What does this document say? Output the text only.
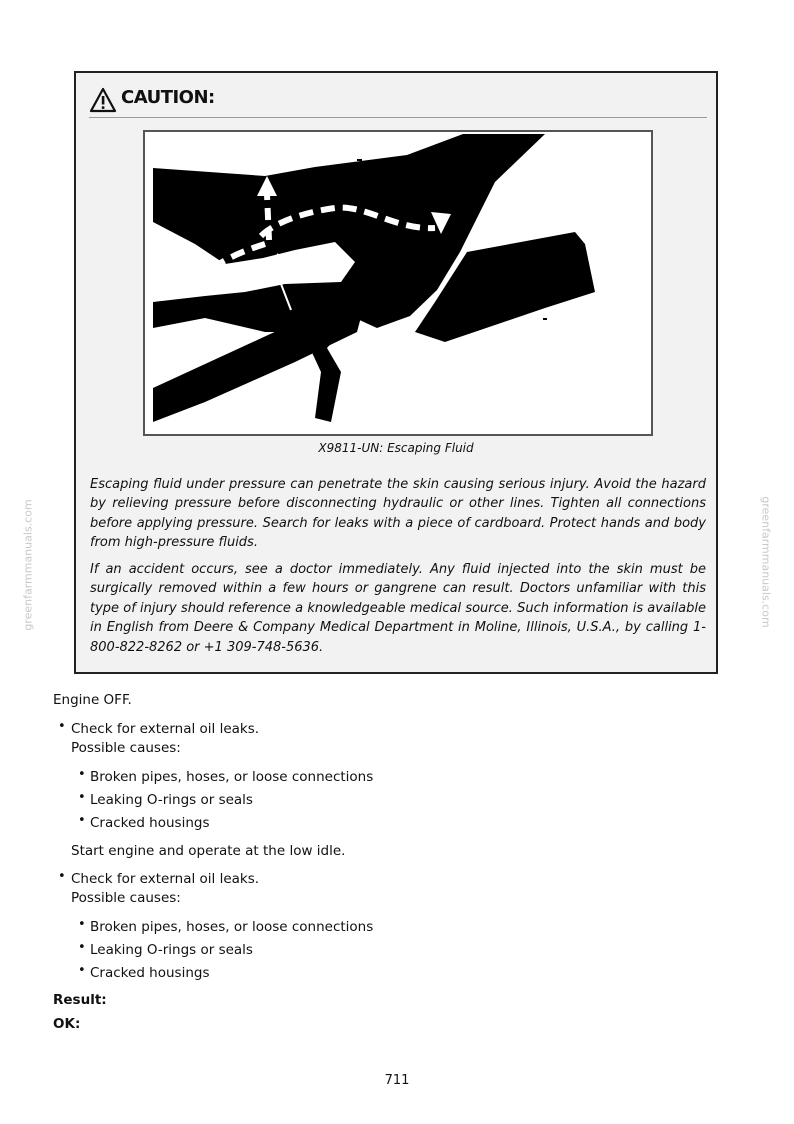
CAUTION:
X9811-UN: Escaping Fluid

Escaping fluid under pressure can penetrate the skin causing serious injury. Avoid the hazard by relieving pressure before disconnecting hydraulic or other lines. Tighten all connections before applying pressure. Search for leaks with a piece of cardboard. Protect hands and body from high-pressure fluids.

If an accident occurs, see a doctor immediately. Any fluid injected into the skin must be surgically removed within a few hours or gangrene can result. Doctors unfamiliar with this type of injury should reference a knowledgeable medical source. Such information is available in English from Deere & Company Medical Department in Moline, Illinois, U.S.A., by calling 1-800-822-8262 or +1 309-748-5636.

Engine OFF.
• Check for external oil leaks.
Possible causes:
• Broken pipes, hoses, or loose connections
• Leaking O-rings or seals
• Cracked housings
Start engine and operate at the low idle.
• Check for external oil leaks.
Possible causes:
• Broken pipes, hoses, or loose connections
• Leaking O-rings or seals
• Cracked housings
Result:
OK:
greenfarmmanuals.com	greenfarmmanuals.com
711
